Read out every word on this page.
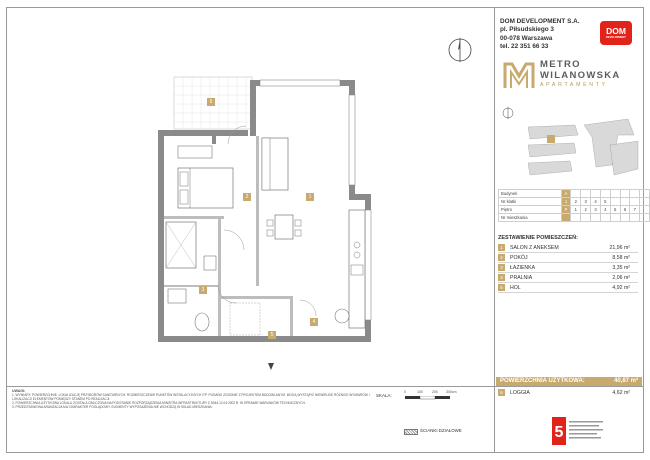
6
1
2
3
4
5
DOM DEVELOPMENT S.A.
pl. Piłsudskiego 3
00-078 Warszawa
tel. 22 351 66 33
DOM
DEVELOPMENT
METRO
WILANOWSKA
APARTAMENTY
Budynek	A								
Nr klatki	1	2	3	4	5				
Piętro	P	1	2	3	4	5	6	7	
Nr mieszkania									
ZESTAWIENIE POMIESZCZEŃ:
1	SALON Z ANEKSEM	21,96 m²
2	POKÓJ	8,58 m²
3	ŁAZIENKA	3,35 m²
4	PRALNIA	2,06 m²
5	HOL	4,92 m²
POWIERZCHNIA UŻYTKOWA:	40,87 m²
6	LOGGIA	4,62 m²
UWAGI:
1. WYMIARY, POWIERZCHNIE, LOKALIZACJĘ PRZYBORÓW SANITARNYCH, ROZMIESZCZENIE PUNKTÓW INSTALACYJNYCH ITP. PODANO ZGODNIE Z PROJEKTEM BUDOWLANYM. MOGĄ WYSTĄPIĆ NIEWIELKIE RÓŻNICE WYMIARÓW I LOKALIZACJI ELEMENTÓW POMIĘDZY STANEM PO REALIZACJI.
2. POWIERZCHNIA UŻYTKOWA LOKALU ZOSTAŁA OBLICZONA NA PODSTAWIE ROZPORZĄDZENIA MINISTRA INFRASTRUKTURY Z DNIA 12.04.2002 R. W SPRAWIE WARUNKÓW TECHNICZNYCH.
3. PRZEDSTAWIONA ARANŻACJA MA CHARAKTER POGLĄDOWY. ELEMENTY WYPOSAŻENIA NIE WCHODZĄ W SKŁAD MIESZKANIA.
SKALA:
0	100	200 300cm
ŚCIANKI DZIAŁOWE	5
